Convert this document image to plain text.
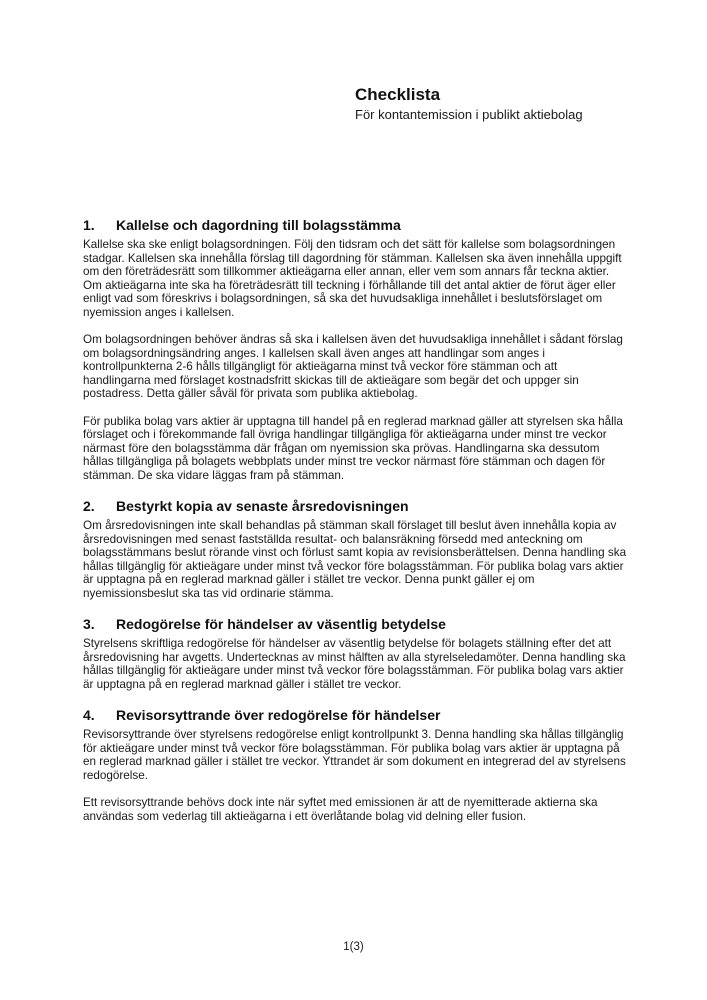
Checklista
För kontantemission i publikt aktiebolag
1.	Kallelse och dagordning till bolagsstämma

Kallelse ska ske enligt bolagsordningen. Följ den tidsram och det sätt för kallelse som bolagsordningen stadgar. Kallelsen ska innehålla förslag till dagordning för stämman. Kallelsen ska även innehålla uppgift om den företrädesrätt som tillkommer aktieägarna eller annan, eller vem som annars får teckna aktier. Om aktieägarna inte ska ha företrädesrätt till teckning i förhållande till det antal aktier de förut äger eller enligt vad som föreskrivs i bolagsordningen, så ska det huvudsakliga innehållet i beslutsförslaget om nyemission anges i kallelsen.

Om bolagsordningen behöver ändras så ska i kallelsen även det huvudsakliga innehållet i sådant förslag om bolagsordningsändring anges. I kallelsen skall även anges att handlingar som anges i kontrollpunkterna 2-6 hålls tillgängligt för aktieägarna minst två veckor före stämman och att handlingarna med förslaget kostnadsfritt skickas till de aktieägare som begär det och uppger sin postadress. Detta gäller såväl för privata som publika aktiebolag.

För publika bolag vars aktier är upptagna till handel på en reglerad marknad gäller att styrelsen ska hålla förslaget och i förekommande fall övriga handlingar tillgängliga för aktieägarna under minst tre veckor närmast före den bolagsstämma där frågan om nyemission ska prövas. Handlingarna ska dessutom hållas tillgängliga på bolagets webbplats under minst tre veckor närmast före stämman och dagen för stämman. De ska vidare läggas fram på stämman.

2.	Bestyrkt kopia av senaste årsredovisningen

Om årsredovisningen inte skall behandlas på stämman skall förslaget till beslut även innehålla kopia av årsredovisningen med senast fastställda resultat- och balansräkning försedd med anteckning om bolagsstämmans beslut rörande vinst och förlust samt kopia av revisionsberättelsen. Denna handling ska hållas tillgänglig för aktieägare under minst två veckor före bolagsstämman. För publika bolag vars aktier är upptagna på en reglerad marknad gäller i stället tre veckor. Denna punkt gäller ej om nyemissionsbeslut ska tas vid ordinarie stämma.

3.	Redogörelse för händelser av väsentlig betydelse

Styrelsens skriftliga redogörelse för händelser av väsentlig betydelse för bolagets ställning efter det att årsredovisning har avgetts. Undertecknas av minst hälften av alla styrelseledamöter. Denna handling ska hållas tillgänglig för aktieägare under minst två veckor före bolagsstämman. För publika bolag vars aktier är upptagna på en reglerad marknad gäller i stället tre veckor.

4.	Revisorsyttrande över redogörelse för händelser

Revisorsyttrande över styrelsens redogörelse enligt kontrollpunkt 3. Denna handling ska hållas tillgänglig för aktieägare under minst två veckor före bolagsstämman. För publika bolag vars aktier är upptagna på en reglerad marknad gäller i stället tre veckor. Yttrandet är som dokument en integrerad del av styrelsens redogörelse.

Ett revisorsyttrande behövs dock inte när syftet med emissionen är att de nyemitterade aktierna ska användas som vederlag till aktieägarna i ett överlåtande bolag vid delning eller fusion.

1(3)
